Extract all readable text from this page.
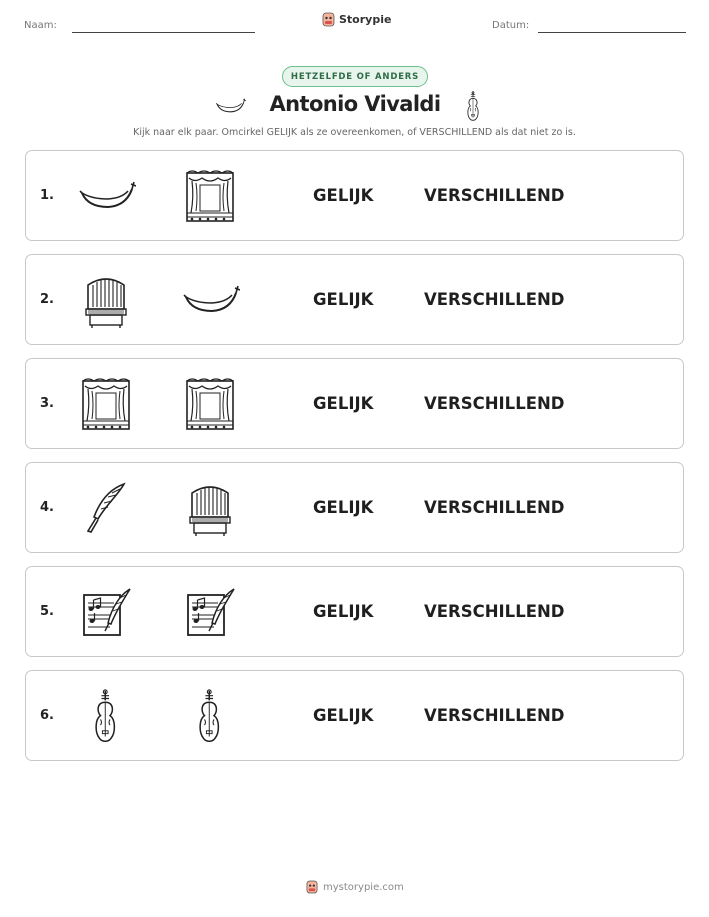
Naam:	Storypie	Datum:
HETZELFDE OF ANDERS
Antonio Vivaldi
Kijk naar elk paar. Omcirkel GELIJK als ze overeenkomen, of VERSCHILLEND als dat niet zo is.
1.	GELIJK	VERSCHILLEND
2.	GELIJK	VERSCHILLEND
3.	GELIJK	VERSCHILLEND
4.	GELIJK	VERSCHILLEND
5.	GELIJK	VERSCHILLEND
6.	GELIJK	VERSCHILLEND
mystorypie.com
